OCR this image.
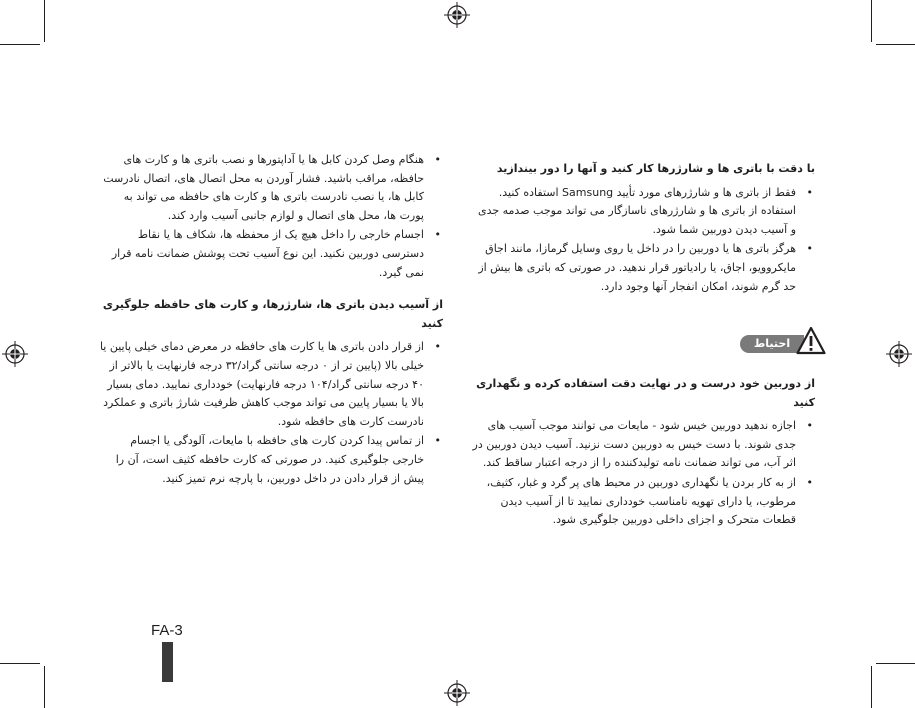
با دقت با باتری ها و شارژرها کار کنید و آنها را دور بیندازید
• فقط از باتری ها و شارژرهای مورد تأیید Samsung استفاده کنید. استفاده از باتری ها و شارژرهای ناسازگار می تواند موجب صدمه جدی و آسیب دیدن دوربین شما شود.
• هرگز باتری ها یا دوربین را در داخل یا روی وسایل گرمازا، مانند اجاق مایکروویو، اجاق، یا رادیاتور قرار ندهید. در صورتی که باتری ها بیش از حد گرم شوند، امکان انفجار آنها وجود دارد.
احتیاط
از دوربین خود درست و در نهایت دقت استفاده کرده و نگهداری کنید
• اجازه ندهید دوربین خیس شود - مایعات می توانند موجب آسیب های جدی شوند. با دست خیس به دوربین دست نزنید. آسیب دیدن دوربین در اثر آب، می تواند ضمانت نامه تولیدکننده را از درجه اعتبار ساقط کند.
• از به کار بردن یا نگهداری دوربین در محیط های پر گرد و غبار، کثیف، مرطوب، یا دارای تهویه نامناسب خودداری نمایید تا از آسیب دیدن قطعات متحرک و اجزای داخلی دوربین جلوگیری شود.
• هنگام وصل کردن کابل ها یا آداپتورها و نصب باتری ها و کارت های حافظه، مراقب باشید. فشار آوردن به محل اتصال های، اتصال نادرست کابل ها، یا نصب نادرست باتری ها و کارت های حافظه می تواند به پورت ها، محل های اتصال و لوازم جانبی آسیب وارد کند.
• اجسام خارجی را داخل هیچ یک از محفظه ها، شکاف ها یا نقاط دسترسی دوربین نکنید. این نوع آسیب تحت پوشش ضمانت نامه قرار نمی گیرد.
از آسیب دیدن باتری ها، شارژرها، و کارت های حافظه جلوگیری کنید
• از قرار دادن باتری ها یا کارت های حافظه در معرض دمای خیلی پایین یا خیلی بالا (پایین تر از ۰ درجه سانتی گراد/۳۲ درجه فارنهایت یا بالاتر از ۴۰ درجه سانتی گراد/۱۰۴ درجه فارنهایت) خودداری نمایید. دمای بسیار بالا یا بسیار پایین می تواند موجب کاهش ظرفیت شارژ باتری و عملکرد نادرست کارت های حافظه شود.
• از تماس پیدا کردن کارت های حافظه با مایعات، آلودگی یا اجسام خارجی جلوگیری کنید. در صورتی که کارت حافظه کثیف است، آن را پیش از قرار دادن در داخل دوربین، با پارچه نرم تمیز کنید.
FA-3
